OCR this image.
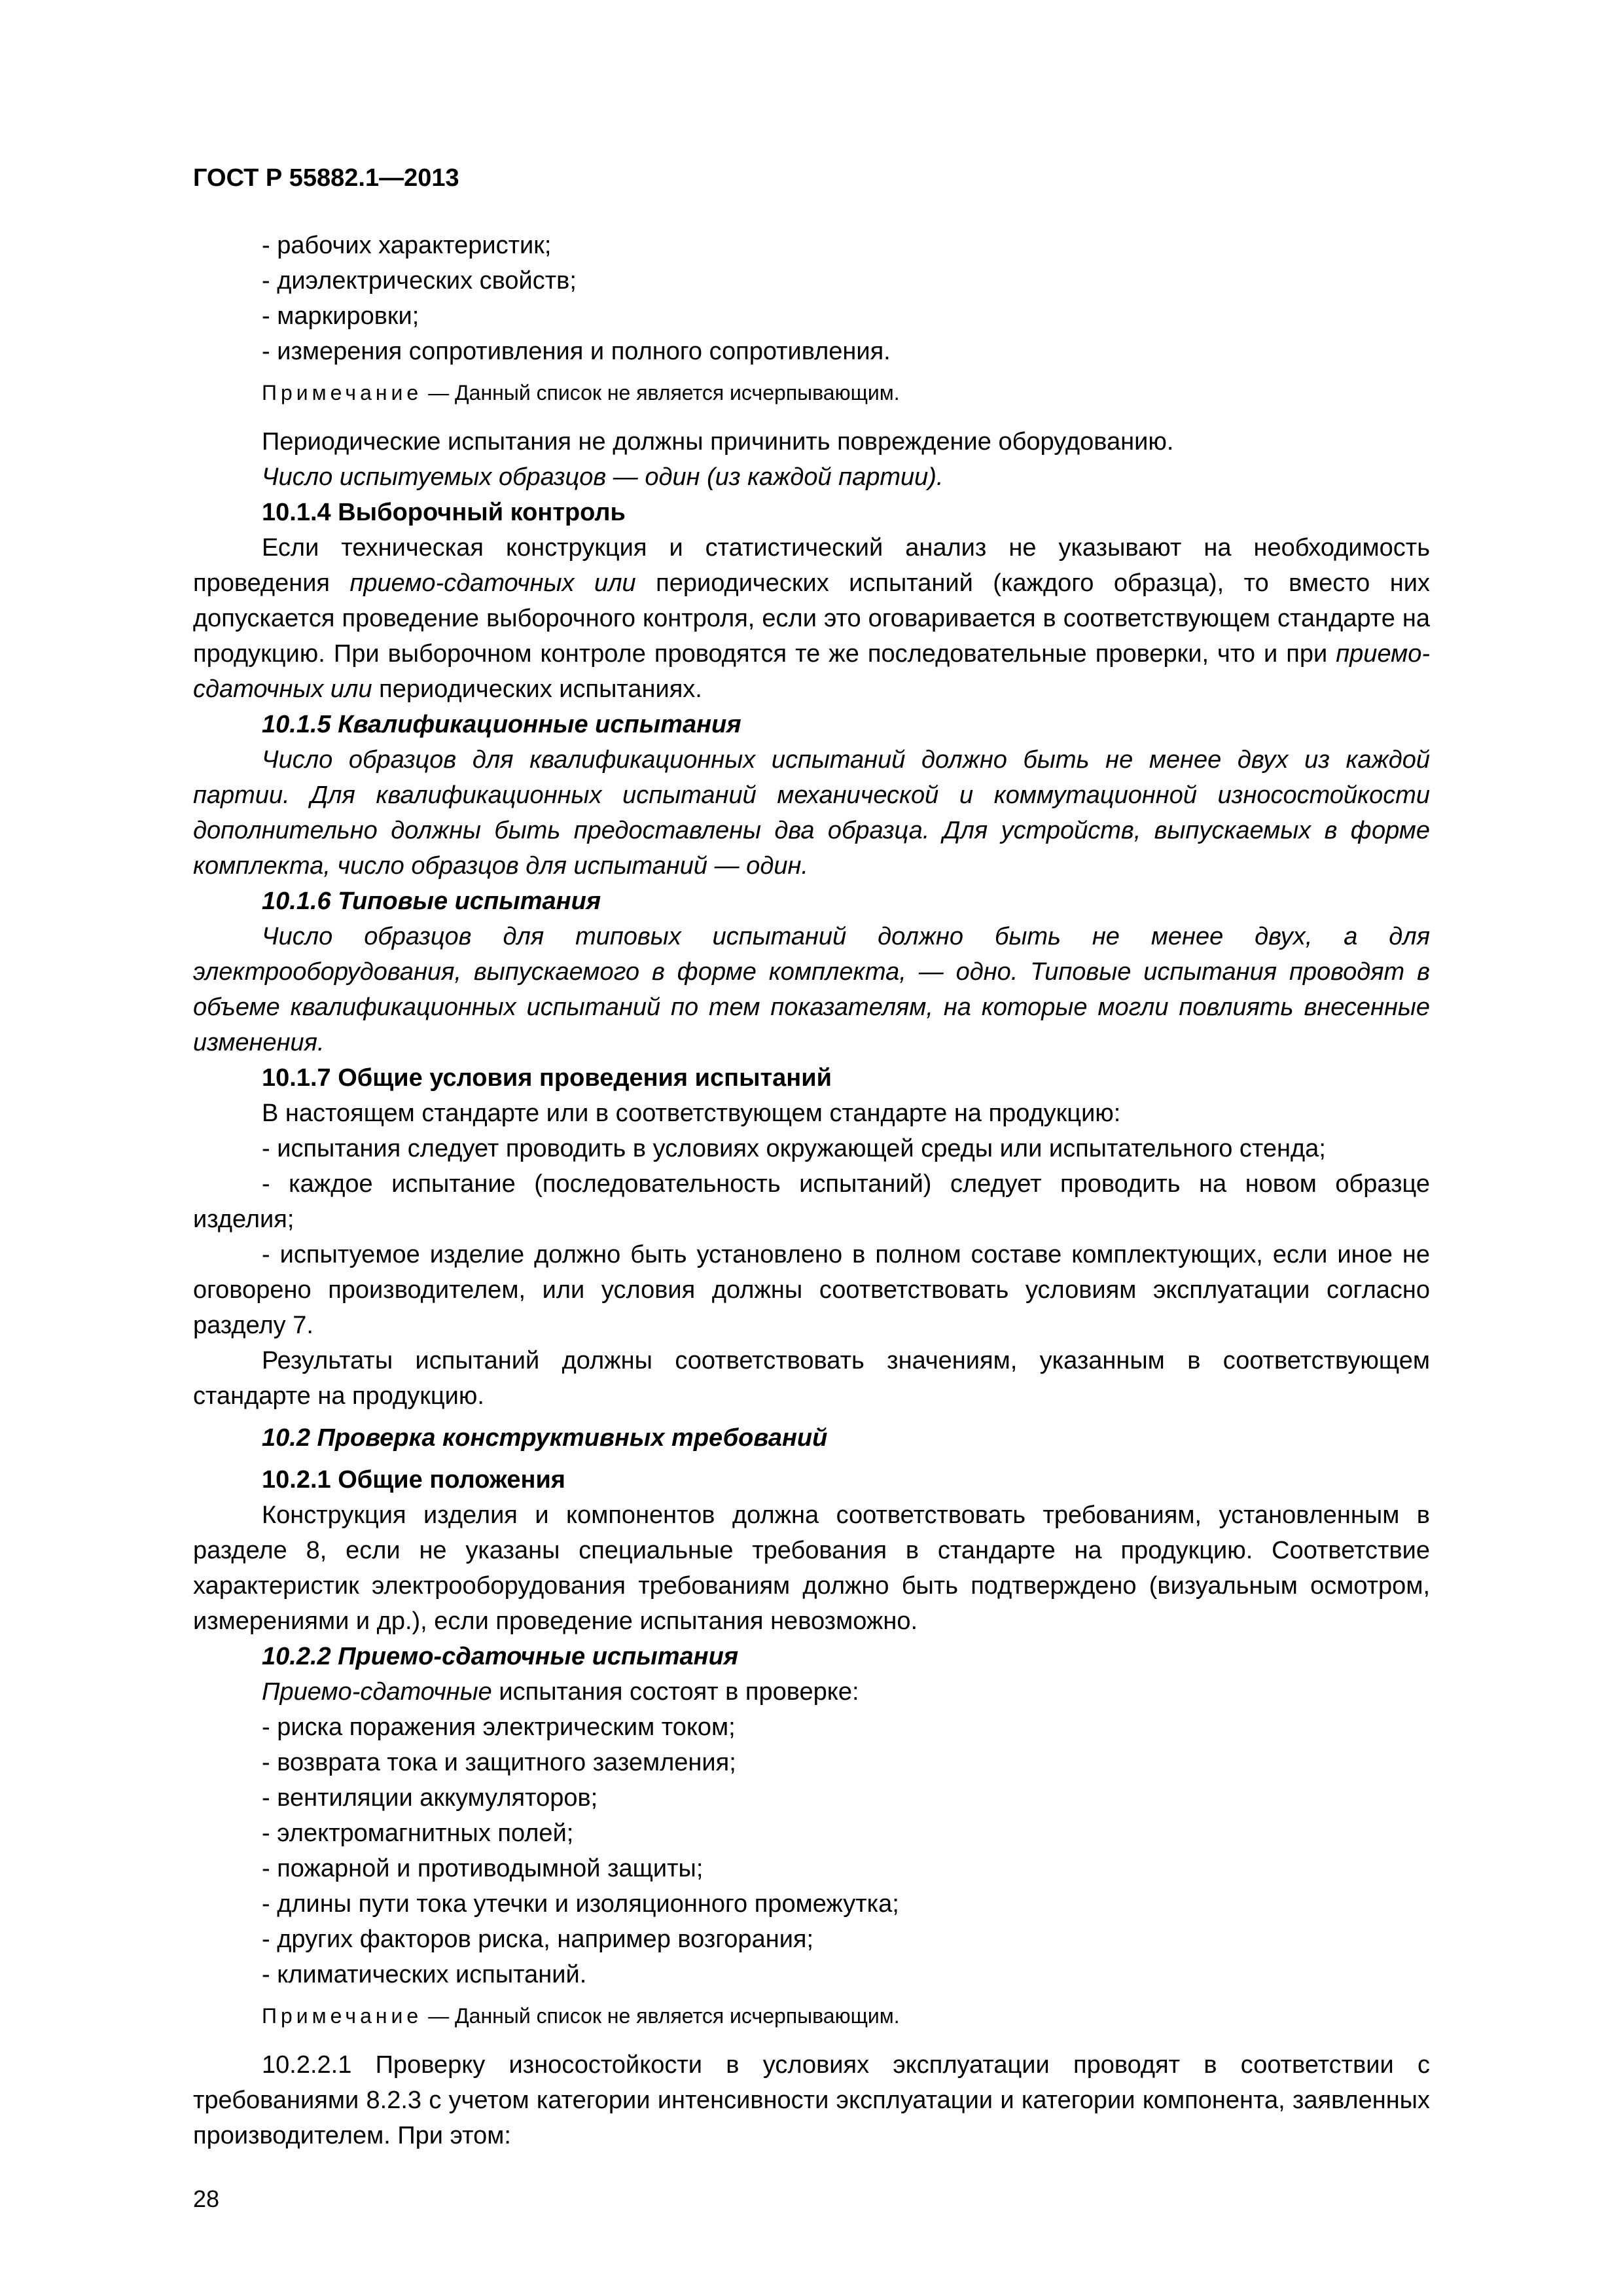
ГОСТ Р 55882.1—2013

- рабочих характеристик;

- диэлектрических свойств;

- маркировки;

- измерения сопротивления и полного сопротивления.

Примечание — Данный список не является исчерпывающим.

Периодические испытания не должны причинить повреждение оборудованию.

Число испытуемых образцов — один (из каждой партии).

10.1.4 Выборочный контроль

Если техническая конструкция и статистический анализ не указывают на необходимость проведения приемо-сдаточных или периодических испытаний (каждого образца), то вместо них допускается проведение выборочного контроля, если это оговаривается в соответствующем стандарте на продукцию. При выборочном контроле проводятся те же последовательные проверки, что и при приемо-сдаточных или периодических испытаниях.

10.1.5 Квалификационные испытания

Число образцов для квалификационных испытаний должно быть не менее двух из каждой партии. Для квалификационных испытаний механической и коммутационной износостойкости дополнительно должны быть предоставлены два образца. Для устройств, выпускаемых в форме комплекта, число образцов для испытаний — один.

10.1.6 Типовые испытания

Число образцов для типовых испытаний должно быть не менее двух, а для электрооборудования, выпускаемого в форме комплекта, — одно. Типовые испытания проводят в объеме квалификационных испытаний по тем показателям, на которые могли повлиять внесенные изменения.

10.1.7 Общие условия проведения испытаний

В настоящем стандарте или в соответствующем стандарте на продукцию:

- испытания следует проводить в условиях окружающей среды или испытательного стенда;

- каждое испытание (последовательность испытаний) следует проводить на новом образце изделия;

- испытуемое изделие должно быть установлено в полном составе комплектующих, если иное не оговорено производителем, или условия должны соответствовать условиям эксплуатации согласно разделу 7.

Результаты испытаний должны соответствовать значениям, указанным в соответствующем стандарте на продукцию.

10.2 Проверка конструктивных требований

10.2.1 Общие положения

Конструкция изделия и компонентов должна соответствовать требованиям, установленным в разделе 8, если не указаны специальные требования в стандарте на продукцию. Соответствие характеристик электрооборудования требованиям должно быть подтверждено (визуальным осмотром, измерениями и др.), если проведение испытания невозможно.

10.2.2 Приемо-сдаточные испытания

Приемо-сдаточные испытания состоят в проверке:

- риска поражения электрическим током;

- возврата тока и защитного заземления;

- вентиляции аккумуляторов;

- электромагнитных полей;

- пожарной и противодымной защиты;

- длины пути тока утечки и изоляционного промежутка;

- других факторов риска, например возгорания;

- климатических испытаний.

Примечание — Данный список не является исчерпывающим.

10.2.2.1 Проверку износостойкости в условиях эксплуатации проводят в соответствии с требованиями 8.2.3 с учетом категории интенсивности эксплуатации и категории компонента, заявленных производителем. При этом:

28
